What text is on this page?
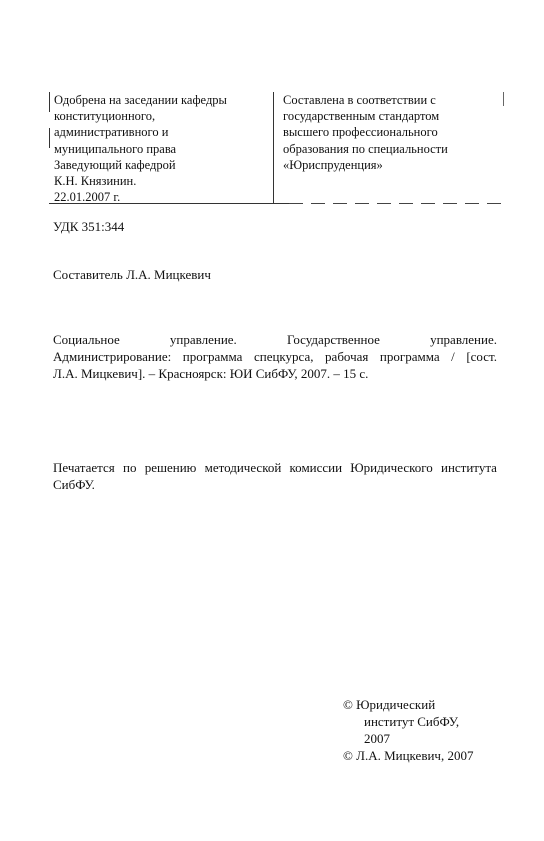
Одобрена на заседании кафедры
конституционного,
административного и
муниципального права
Заведующий кафедрой
К.Н. Князинин.
22.01.2007 г.
Составлена в соответствии с
государственным стандартом
высшего профессионального
образования по специальности
«Юриспруденция»
УДК 351:344
Составитель Л.А. Мицкевич
Социальное	управление.	Государственное	управление.
Администрирование: программа спецкурса, рабочая программа / [сост.
Л.А. Мицкевич]. – Красноярск: ЮИ СибФУ, 2007. – 15 с.
Печатается по решению методической комиссии Юридического института
СибФУ.
© Юридический
институт СибФУ,
2007
© Л.А. Мицкевич, 2007
